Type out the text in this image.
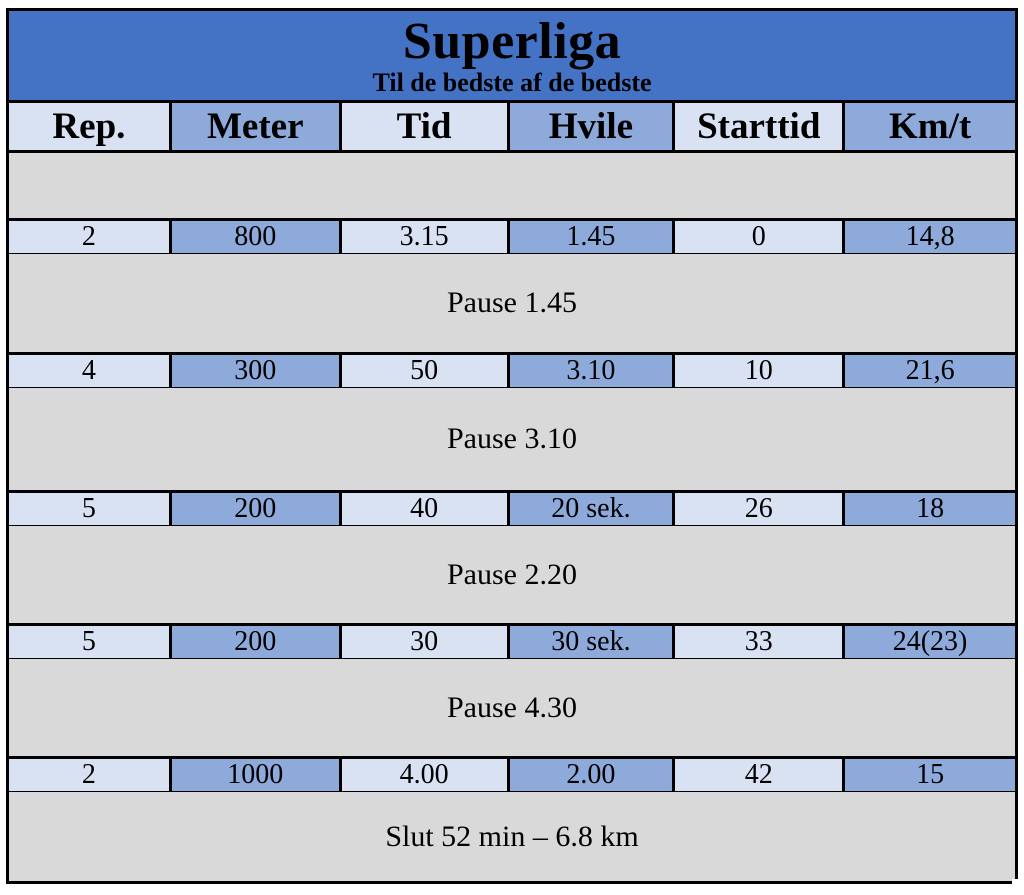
Superliga
Til de bedste af de bedste
Rep.	Meter	Tid	Hvile	Starttid	Km/t
2	800	3.15	1.45	0	14,8
Pause 1.45
4	300	50	3.10	10	21,6
Pause 3.10
5	200	40	20 sek.	26	18
Pause 2.20
5	200	30	30 sek.	33	24(23)
Pause 4.30
2	1000	4.00	2.00	42	15
Slut 52 min – 6.8 km
